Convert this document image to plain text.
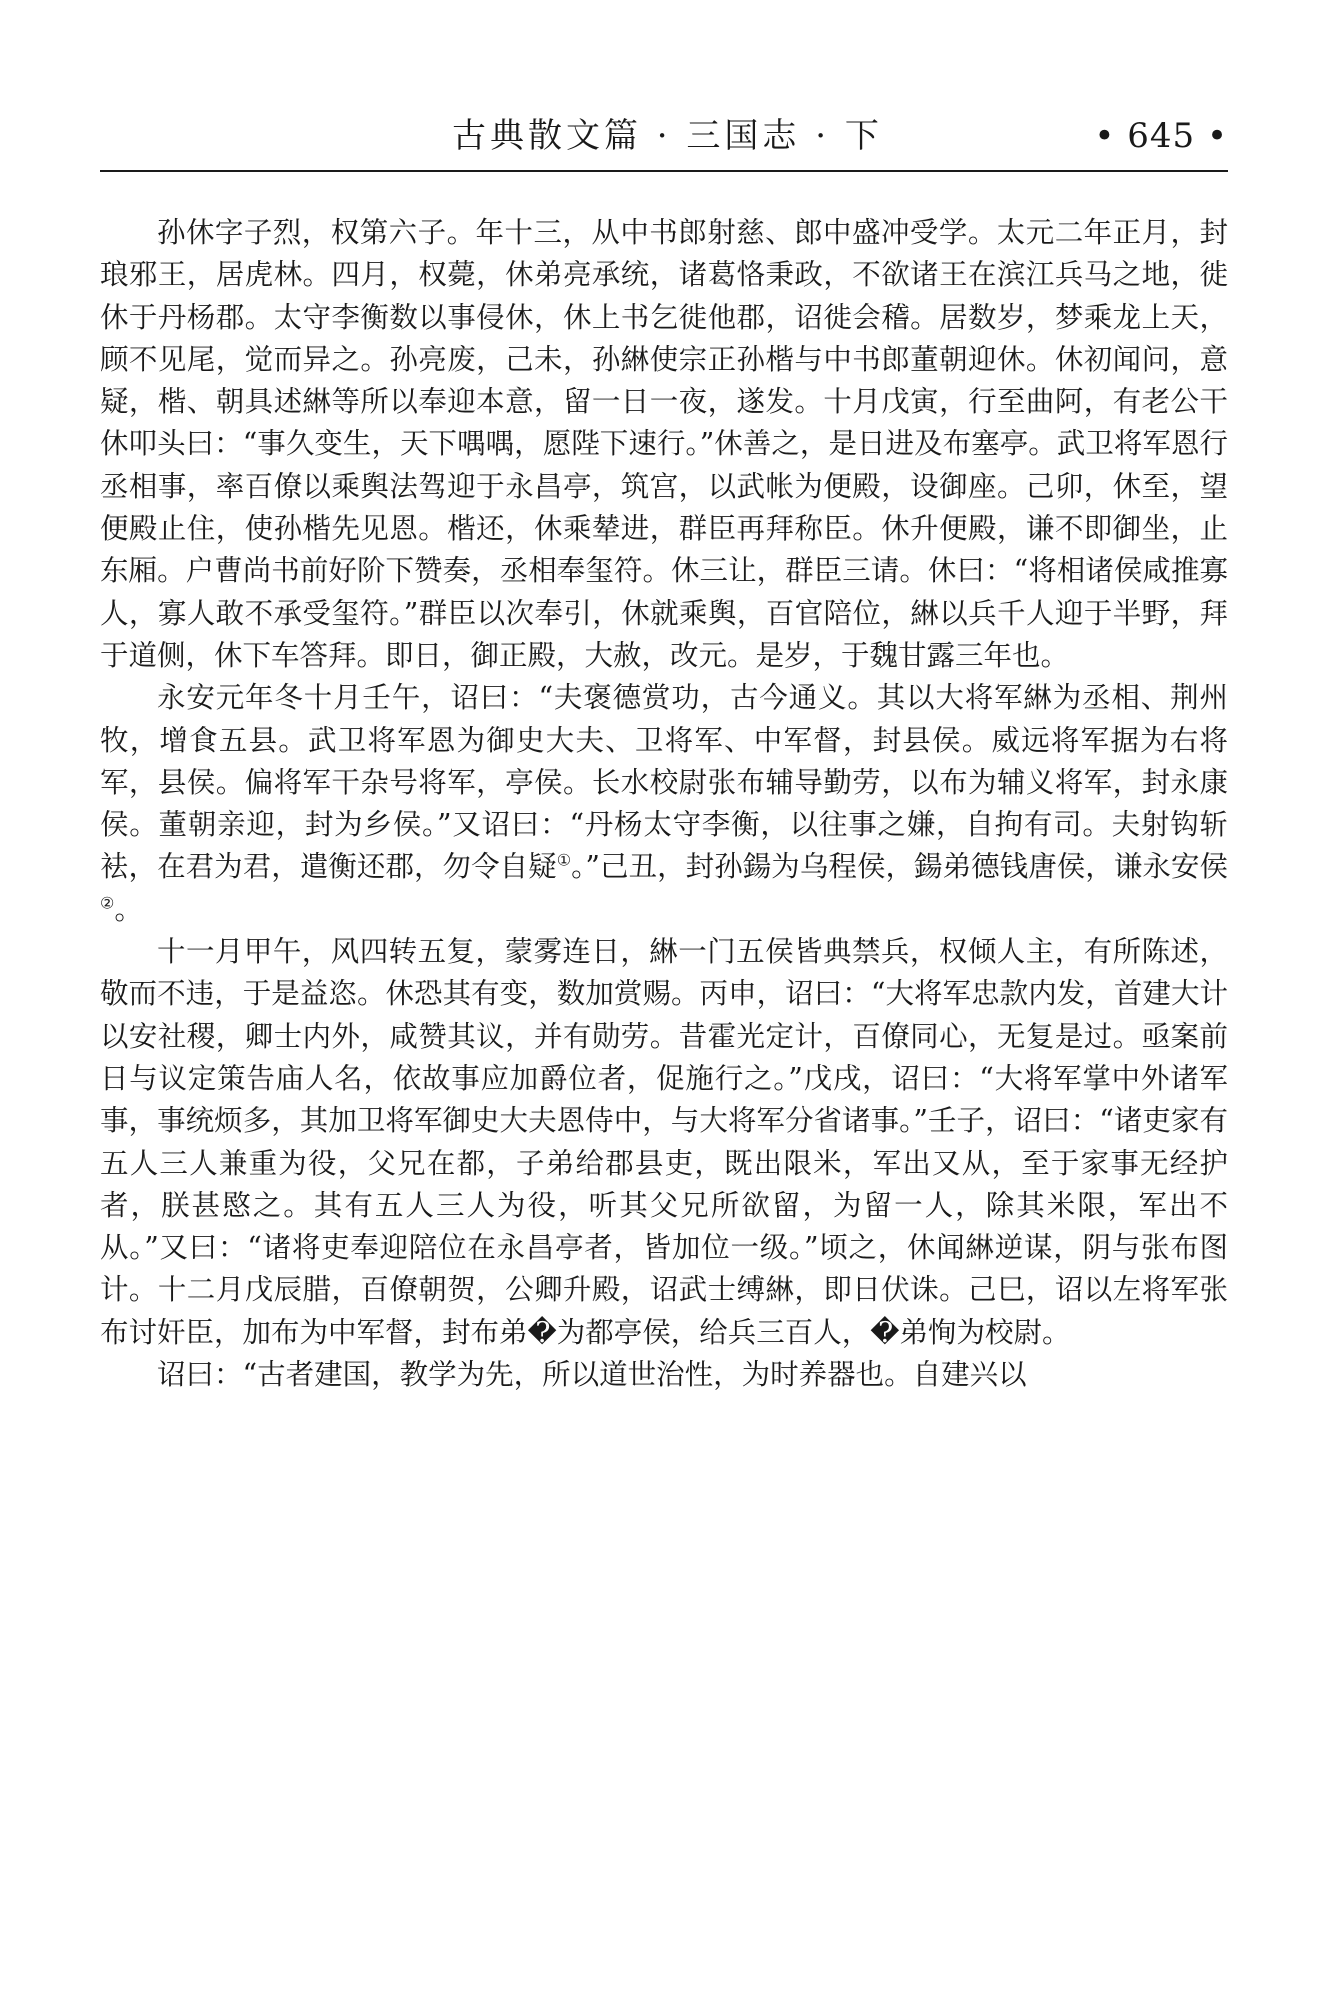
古典散文篇 · 三国志 · 下	• 645 •

孙休字子烈，权第六子。年十三，从中书郎射慈、郎中盛冲受学。太元二年正月，封琅邪王，居虎林。四月，权薨，休弟亮承统，诸葛恪秉政，不欲诸王在滨江兵马之地，徙休于丹杨郡。太守李衡数以事侵休，休上书乞徙他郡，诏徙会稽。居数岁，梦乘龙上天，顾不见尾，觉而异之。孙亮废，己未，孙綝使宗正孙楷与中书郎董朝迎休。休初闻问，意疑，楷、朝具述綝等所以奉迎本意，留一日一夜，遂发。十月戊寅，行至曲阿，有老公干休叩头曰：“事久变生，天下喁喁，愿陛下速行。”休善之，是日进及布塞亭。武卫将军恩行丞相事，率百僚以乘舆法驾迎于永昌亭，筑宫，以武帐为便殿，设御座。己卯，休至，望便殿止住，使孙楷先见恩。楷还，休乘辇进，群臣再拜称臣。休升便殿，谦不即御坐，止东厢。户曹尚书前好阶下赞奏，丞相奉玺符。休三让，群臣三请。休曰：“将相诸侯咸推寡人，寡人敢不承受玺符。”群臣以次奉引，休就乘舆，百官陪位，綝以兵千人迎于半野，拜于道侧，休下车答拜。即日，御正殿，大赦，改元。是岁，于魏甘露三年也。

永安元年冬十月壬午，诏曰：“夫褒德赏功，古今通义。其以大将军綝为丞相、荆州牧，增食五县。武卫将军恩为御史大夫、卫将军、中军督，封县侯。威远将军据为右将军，县侯。偏将军干杂号将军，亭侯。长水校尉张布辅导勤劳，以布为辅义将军，封永康侯。董朝亲迎，封为乡侯。”又诏曰：“丹杨太守李衡，以往事之嫌，自拘有司。夫射钩斩袪，在君为君，遣衡还郡，勿令自疑①。”己丑，封孙鍚为乌程侯，鍚弟德钱唐侯，谦永安侯②。

十一月甲午，风四转五复，蒙雾连日，綝一门五侯皆典禁兵，权倾人主，有所陈述，敬而不违，于是益恣。休恐其有变，数加赏赐。丙申，诏曰：“大将军忠款内发，首建大计以安社稷，卿士内外，咸赞其议，并有勋劳。昔霍光定计，百僚同心，无复是过。亟案前日与议定策告庙人名，依故事应加爵位者，促施行之。”戊戌，诏曰：“大将军掌中外诸军事，事统烦多，其加卫将军御史大夫恩侍中，与大将军分省诸事。”壬子，诏曰：“诸吏家有五人三人兼重为役，父兄在都，子弟给郡县吏，既出限米，军出又从，至于家事无经护者，朕甚愍之。其有五人三人为役，听其父兄所欲留，为留一人，除其米限，军出不从。”又曰：“诸将吏奉迎陪位在永昌亭者，皆加位一级。”顷之，休闻綝逆谋，阴与张布图计。十二月戊辰腊，百僚朝贺，公卿升殿，诏武士缚綝，即日伏诛。己巳，诏以左将军张布讨奸臣，加布为中军督，封布弟�为都亭侯，给兵三百人，�弟恂为校尉。

诏曰：“古者建国，教学为先，所以道世治性，为时养器也。自建兴以
